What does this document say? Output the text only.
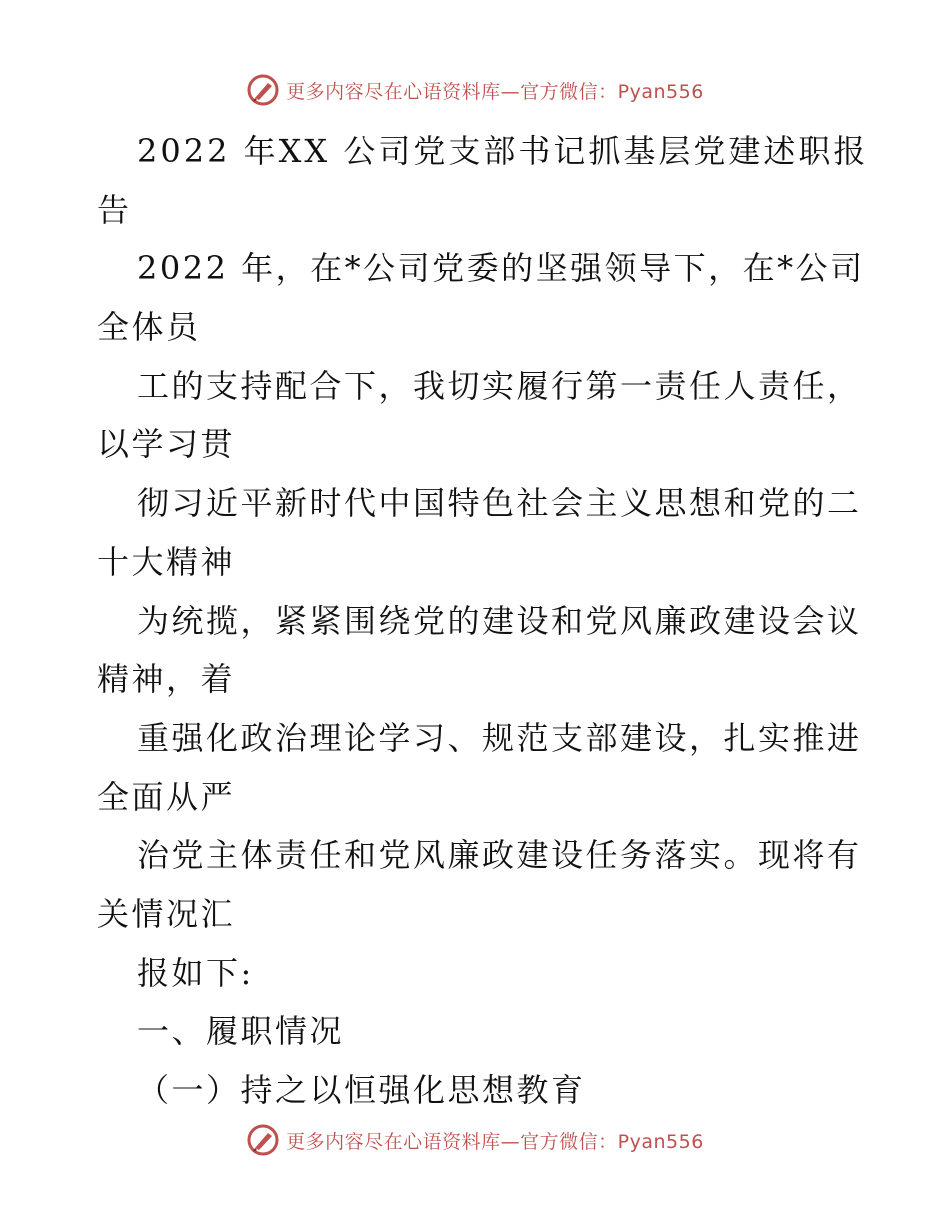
更多内容尽在心语资料库—官方微信：Pyan556
2022 年XX 公司党支部书记抓基层党建述职报
告
2022 年，在*公司党委的坚强领导下，在*公司
全体员
工的支持配合下，我切实履行第一责任人责任，
以学习贯
彻习近平新时代中国特色社会主义思想和党的二
十大精神
为统揽，紧紧围绕党的建设和党风廉政建设会议
精神，着
重强化政治理论学习、规范支部建设，扎实推进
全面从严
治党主体责任和党风廉政建设任务落实。现将有
关情况汇
报如下:
一、履职情况
（一）持之以恒强化思想教育
更多内容尽在心语资料库—官方微信：Pyan556
